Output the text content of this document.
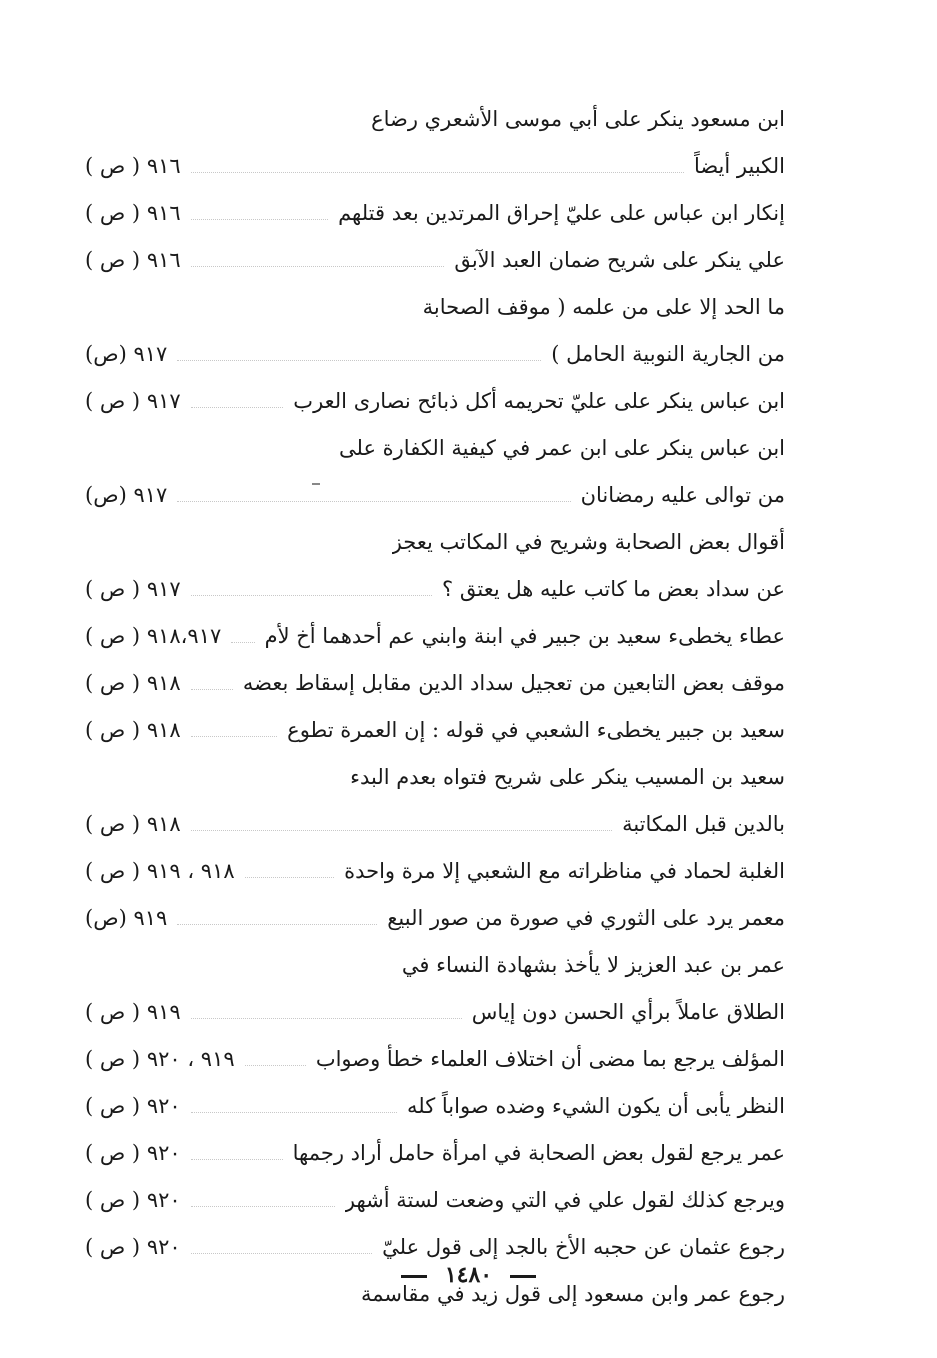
ابن مسعود ينكر على أبي موسى الأشعري رضاع
الكبير أيضاً
٩١٦ ( ص )
إنكار ابن عباس على عليّ إحراق المرتدين بعد قتلهم
٩١٦ ( ص )
علي ينكر على شريح ضمان العبد الآبق
٩١٦ ( ص )
ما الحد إلا على من علمه ( موقف الصحابة
من الجارية النوبية الحامل )
٩١٧ (ص)
ابن عباس ينكر على عليّ تحريمه أكل ذبائح نصارى العرب
٩١٧ ( ص )
ابن عباس ينكر على ابن عمر في كيفية الكفارة على
من توالى عليه رمضانان
٩١٧ (ص)
أقوال بعض الصحابة وشريح في المكاتب يعجز
عن سداد بعض ما كاتب عليه هل يعتق ؟
٩١٧ ( ص )
عطاء يخطىء سعيد بن جبير في ابنة وابني عم أحدهما أخ لأم
٩١٨،٩١٧ ( ص )
موقف بعض التابعين من تعجيل سداد الدين مقابل إسقاط بعضه
٩١٨ ( ص )
سعيد بن جبير يخطىء الشعبي في قوله : إن العمرة تطوع
٩١٨ ( ص )
سعيد بن المسيب ينكر على شريح فتواه بعدم البدء
بالدين قبل المكاتبة
٩١٨ ( ص )
الغلبة لحماد في مناظراته مع الشعبي إلا مرة واحدة
٩١٨ ، ٩١٩ ( ص )
معمر يرد على الثوري في صورة من صور البيع
٩١٩ (ص)
عمر بن عبد العزيز لا يأخذ بشهادة النساء في
الطلاق عاملاً برأي الحسن دون إياس
٩١٩ ( ص )
المؤلف يرجع بما مضى أن اختلاف العلماء خطأ وصواب
٩١٩ ، ٩٢٠ ( ص )
النظر يأبى أن يكون الشيء وضده صواباً كله
٩٢٠ ( ص )
عمر يرجع لقول بعض الصحابة في امرأة حامل أراد رجمها
٩٢٠ ( ص )
ويرجع كذلك لقول علي في التي وضعت لستة أشهر
٩٢٠ ( ص )
رجوع عثمان عن حجبه الأخ بالجد إلى قول عليّ
٩٢٠ ( ص )
رجوع عمر وابن مسعود إلى قول زيد في مقاسمة
١٤٨٠
